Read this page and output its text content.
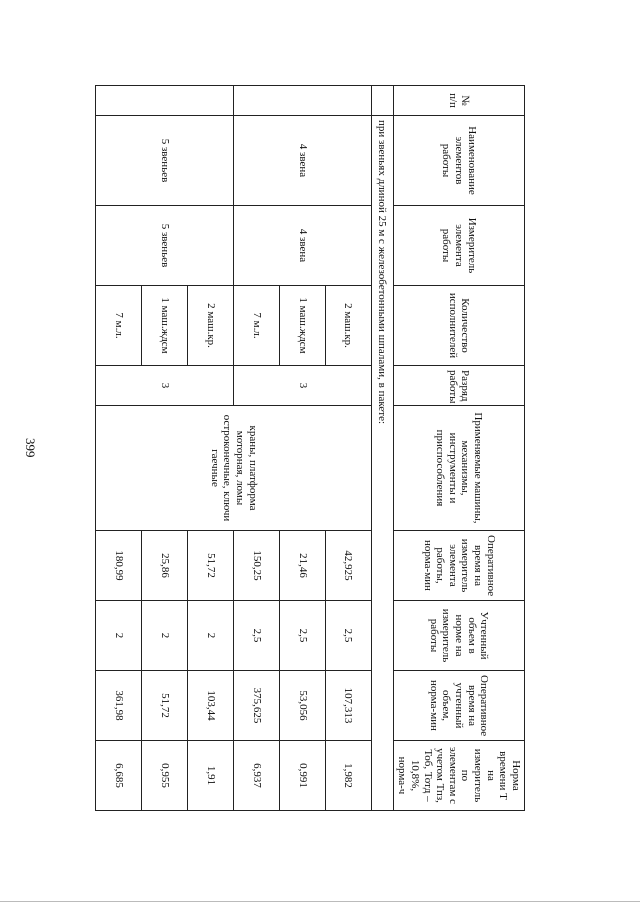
399
№ п/п	Наименование элементов работы	Измеритель элемента работы	Количество исполнителей	Разряд работы	Применяемые машины, механизмы, инструменты и приспособления	Оперативное время на измеритель элемента работы, норма-мин	Учтенный объем в норме на измеритель работы	Оперативное время на учтенный объем, норма-мин	Норма времени Т на измеритель по элементам с учетом Тпз, Тоб, Тотд – 10,8%, норма-ч
	при звеньях длиной 25 м с железобетонными шпалами, в пакете:								
	4 звена	4 звена	2 маш.кр.	3	краны, платформа моторная, ломы остроконечные, ключи гаечные	42,925	2,5	107,313	1,982
			1 маш.ждсм			21,46	2,5	53,056	0,991
			7 м.л.			150,25	2,5	375,625	6,937
	5 звеньев	5 звеньев	2 маш.кр.	3		51,72	2	103,44	1,91
			1 маш.ждсм			25,86	2	51,72	0,955
			7 м.л.			180,99	2	361,98	6,685
